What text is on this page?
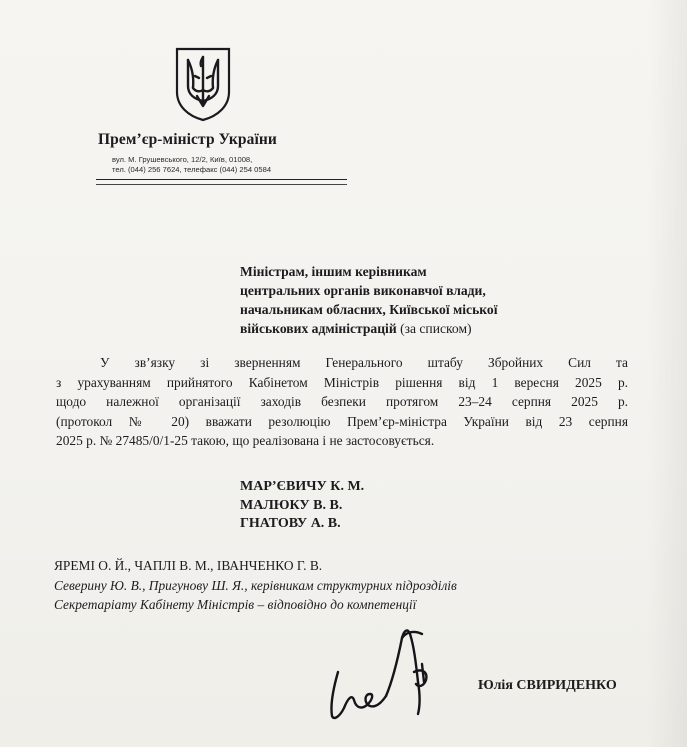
Прем’єр-міністр України
вул. М. Грушевського, 12/2, Київ, 01008,
тел. (044) 256 7624, телефакс (044) 254 0584
Міністрам, іншим керівникам
центральних органів виконавчої влади,
начальникам обласних, Київської міської
військових адміністрацій (за списком)
У зв’язку зі зверненням Генерального штабу Збройних Сил та
з урахуванням прийнятого Кабінетом Міністрів рішення від 1 вересня 2025 р.
щодо належної організації заходів безпеки протягом 23–24 серпня 2025 р.
(протокол № 20) вважати резолюцію Прем’єр-міністра України від 23 серпня
2025 р. № 27485/0/1-25 такою, що реалізована і не застосовується.
МАР’ЄВИЧУ К. М.
МАЛЮКУ В. В.
ГНАТОВУ А. В.
ЯРЕМІ О. Й., ЧАПЛІ В. М., ІВАНЧЕНКО Г. В.
Северину Ю. В., Пригунову Ш. Я., керівникам структурних підрозділів
Секретаріату Кабінету Міністрів – відповідно до компетенції
Юлія СВИРИДЕНКО
